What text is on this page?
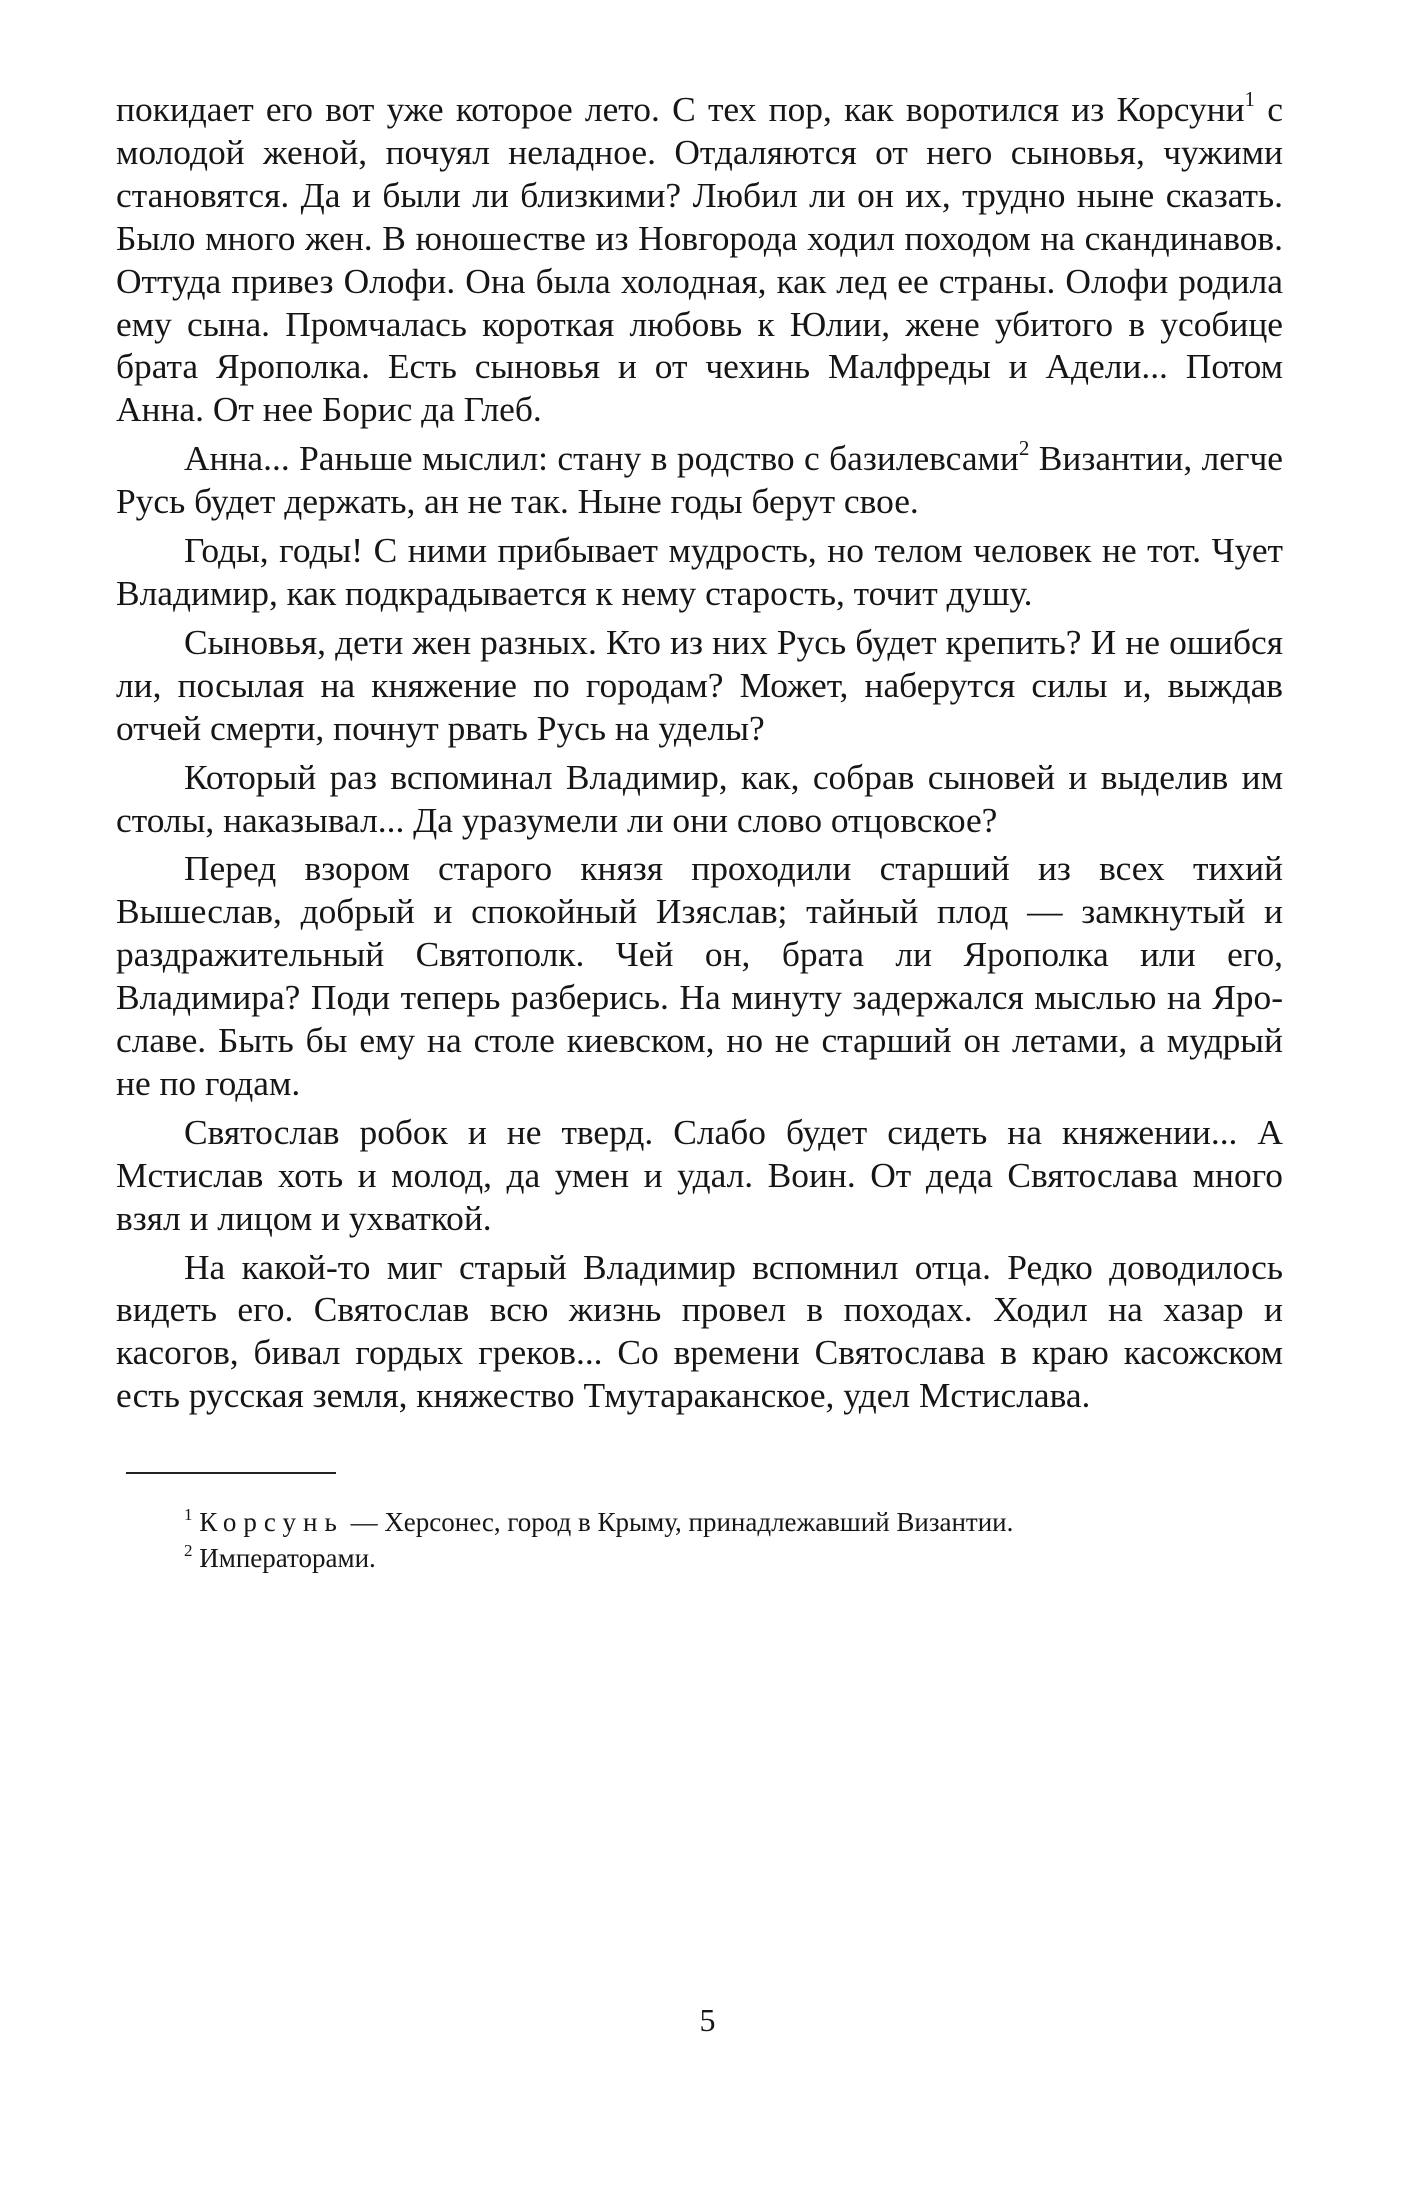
покидает его вот уже которое лето. С тех пор, как воротился из Корсуни$^1$ с молодой женой, почуял неладное. Отдаляются от него сыновья, чужими становятся. Да и были ли близкими? Любил ли он их, трудно ныне сказать. Было много жен. В юношестве из Новгорода ходил походом на скандинавов. Оттуда привез Олофи. Она была холодная, как лед ее страны. Олофи родила ему сына. Промчалась короткая любовь к Юлии, жене убитого в усобице брата Ярополка. Есть сыновья и от чехинь Малфреды и Адели... Потом Анна. От нее Борис да Глеб.

Анна... Раньше мыслил: стану в родство с базилевсами$^2$ Византии, легче Русь будет держать, ан не так. Ныне годы берут свое.

Годы, годы! С ними прибывает мудрость, но телом человек не тот. Чует Владимир, как подкрадывается к нему старость, точит душу.

Сыновья, дети жен разных. Кто из них Русь будет крепить? И не ошибся ли, посылая на княжение по городам? Может, наберутся силы и, выждав отчей смерти, почнут рвать Русь на уделы?

Который раз вспоминал Владимир, как, собрав сыновей и выделив им столы, наказывал... Да уразумели ли они слово отцовское?

Перед взором старого князя проходили старший из всех тихий Вышеслав, добрый и спокойный Изяслав; тайный плод — замкнутый и раздражительный Святополк. Чей он, брата ли Ярополка или его, Владимира? Поди теперь разберись. На минуту задержался мыслью на Ярославе. Быть бы ему на столе киевском, но не старший он летами, а мудрый не по годам.

Святослав робок и не тверд. Слабо будет сидеть на княжении... А Мстислав хоть и молод, да умен и удал. Воин. От деда Святослава много взял и лицом и ухваткой.

На какой-то миг старый Владимир вспомнил отца. Редко доводилось видеть его. Святослав всю жизнь провел в походах. Ходил на хазар и касогов, бивал гордых греков... Со времени Святослава в краю касожском есть русская земля, княжество Тмутараканское, удел Мстислава.

$^1$ Корсунь — Херсонес, город в Крыму, принадлежавший Византии.

$^2$ Императорами.

5
